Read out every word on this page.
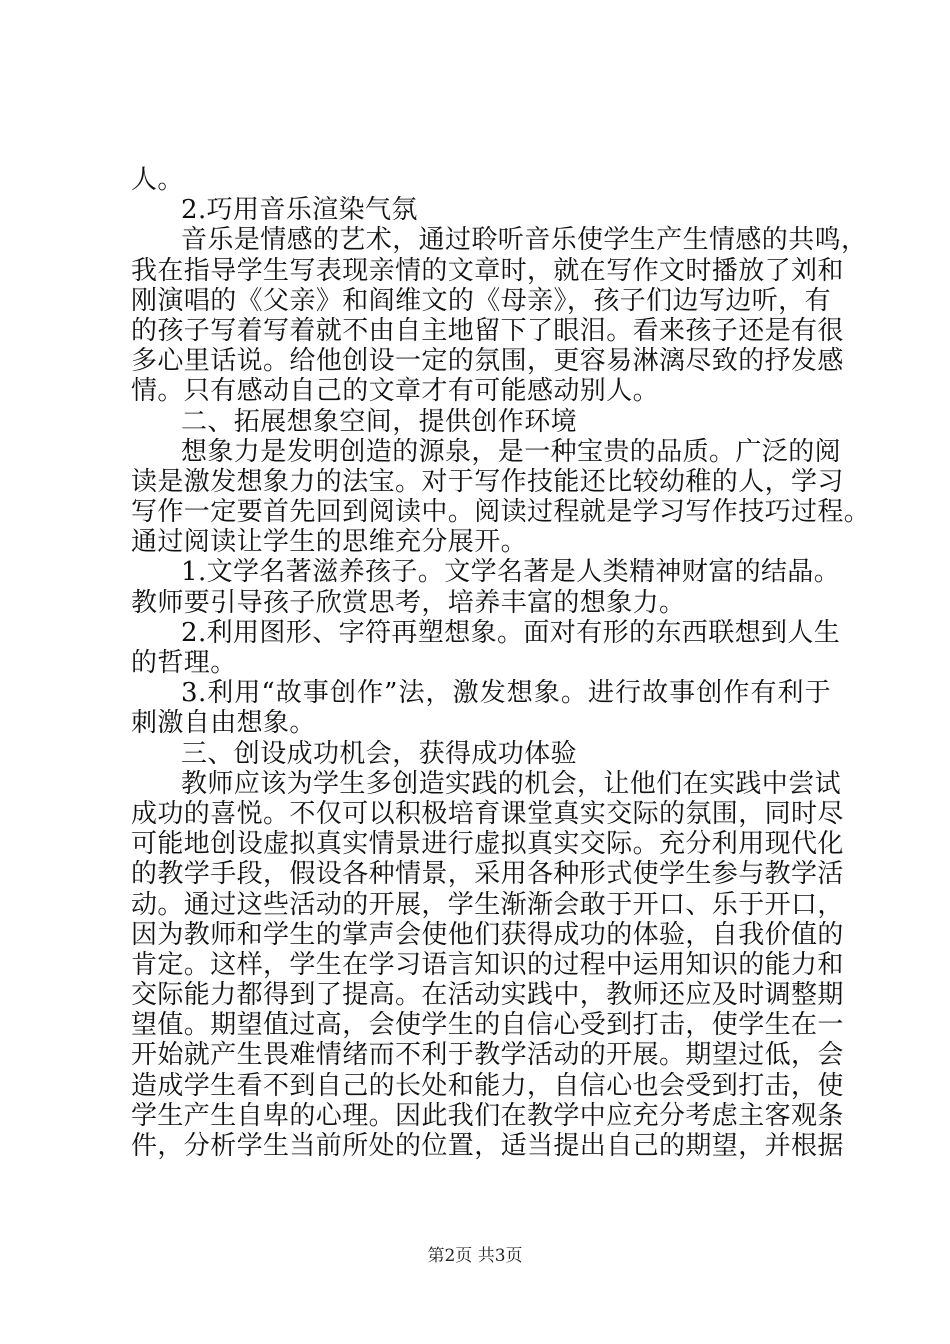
人。
2.巧用音乐渲染气氛
音乐是情感的艺术，通过聆听音乐使学生产生情感的共鸣，
我在指导学生写表现亲情的文章时，就在写作文时播放了刘和
刚演唱的《父亲》和阎维文的《母亲》，孩子们边写边听，有
的孩子写着写着就不由自主地留下了眼泪。看来孩子还是有很
多心里话说。给他创设一定的氛围，更容易淋漓尽致的抒发感
情。只有感动自己的文章才有可能感动别人。
二、拓展想象空间，提供创作环境
想象力是发明创造的源泉，是一种宝贵的品质。广泛的阅
读是激发想象力的法宝。对于写作技能还比较幼稚的人，学习
写作一定要首先回到阅读中。阅读过程就是学习写作技巧过程。
通过阅读让学生的思维充分展开。
1.文学名著滋养孩子。文学名著是人类精神财富的结晶。
教师要引导孩子欣赏思考，培养丰富的想象力。
2.利用图形、字符再塑想象。面对有形的东西联想到人生
的哲理。
3.利用“故事创作”法，激发想象。进行故事创作有利于
刺激自由想象。
三、创设成功机会，获得成功体验
教师应该为学生多创造实践的机会，让他们在实践中尝试
成功的喜悦。不仅可以积极培育课堂真实交际的氛围，同时尽
可能地创设虚拟真实情景进行虚拟真实交际。充分利用现代化
的教学手段，假设各种情景，采用各种形式使学生参与教学活
动。通过这些活动的开展，学生渐渐会敢于开口、乐于开口，
因为教师和学生的掌声会使他们获得成功的体验，自我价值的
肯定。这样，学生在学习语言知识的过程中运用知识的能力和
交际能力都得到了提高。在活动实践中，教师还应及时调整期
望值。期望值过高，会使学生的自信心受到打击，使学生在一
开始就产生畏难情绪而不利于教学活动的开展。期望过低，会
造成学生看不到自己的长处和能力，自信心也会受到打击，使
学生产生自卑的心理。因此我们在教学中应充分考虑主客观条
件，分析学生当前所处的位置，适当提出自己的期望，并根据
第2页 共3页
